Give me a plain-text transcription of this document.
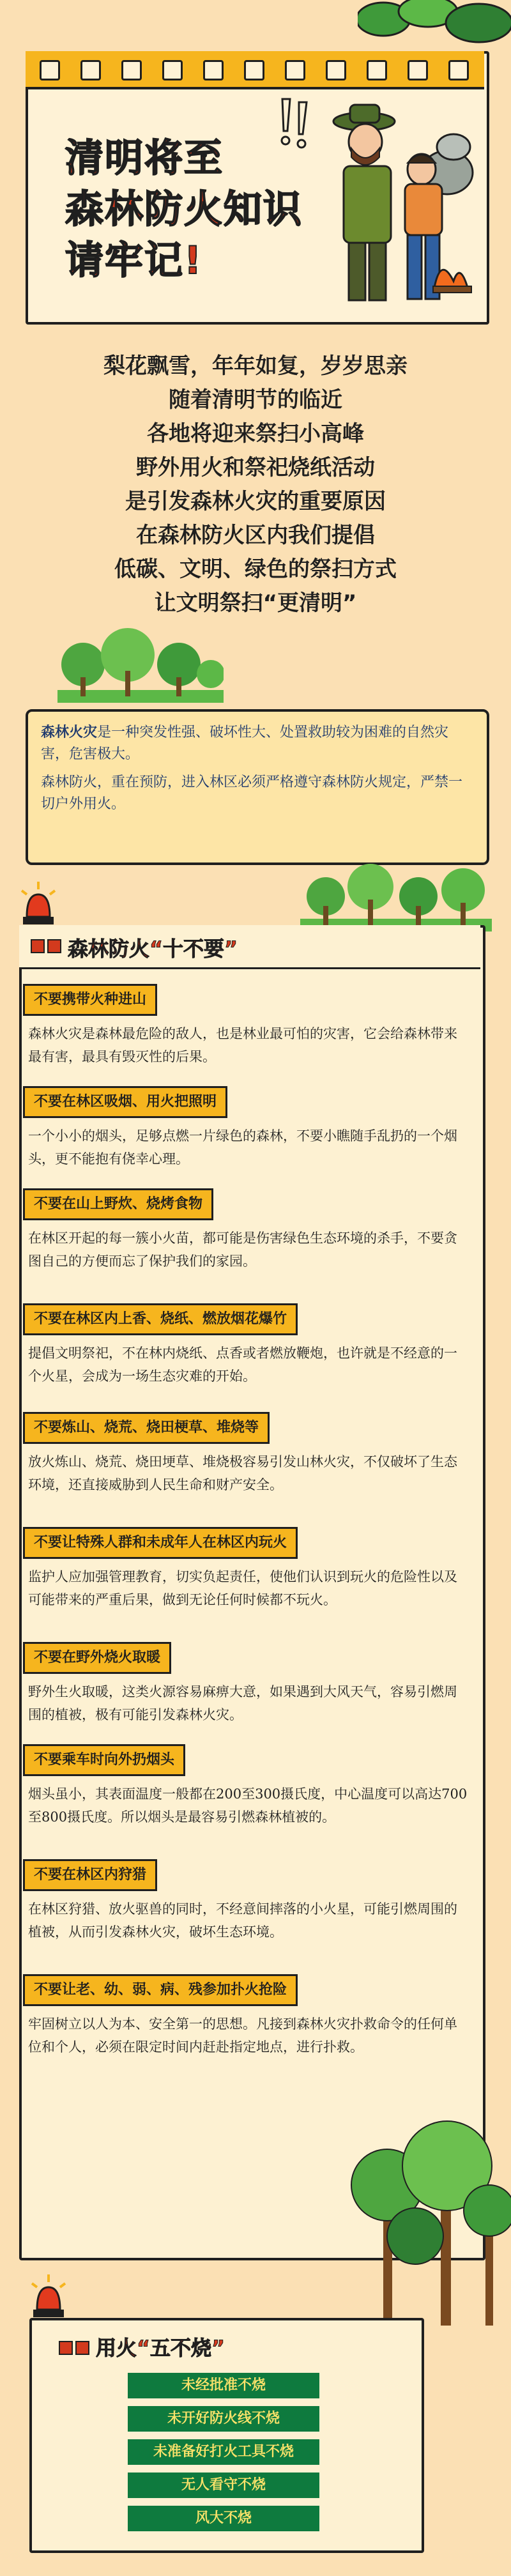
清明将至
森林防火知识
请牢记!
梨花飘雪，年年如复，岁岁思亲
随着清明节的临近
各地将迎来祭扫小高峰
野外用火和祭祀烧纸活动
是引发森林火灾的重要原因
在森林防火区内我们提倡
低碳、文明、绿色的祭扫方式
让文明祭扫“更清明”
森林火灾是一种突发性强、破坏性大、处置救助较为困难的自然灾害，危害极大。
森林防火，重在预防，进入林区必须严格遵守森林防火规定，严禁一切户外用火。
森林防火“十不要”
不要携带火种进山
森林火灾是森林最危险的敌人，也是林业最可怕的灾害，它会给森林带来最有害，最具有毁灭性的后果。
不要在林区吸烟、用火把照明
一个小小的烟头，足够点燃一片绿色的森林，不要小瞧随手乱扔的一个烟头，更不能抱有侥幸心理。
不要在山上野炊、烧烤食物
在林区开起的每一簇小火苗，都可能是伤害绿色生态环境的杀手，不要贪图自己的方便而忘了保护我们的家园。
不要在林区内上香、烧纸、燃放烟花爆竹
提倡文明祭祀，不在林内烧纸、点香或者燃放鞭炮，也许就是不经意的一个火星，会成为一场生态灾难的开始。
不要炼山、烧荒、烧田梗草、堆烧等
放火炼山、烧荒、烧田埂草、堆烧极容易引发山林火灾，不仅破坏了生态环境，还直接威胁到人民生命和财产安全。
不要让特殊人群和未成年人在林区内玩火
监护人应加强管理教育，切实负起责任，使他们认识到玩火的危险性以及可能带来的严重后果，做到无论任何时候都不玩火。
不要在野外烧火取暖
野外生火取暖，这类火源容易麻痹大意，如果遇到大风天气，容易引燃周围的植被，极有可能引发森林火灾。
不要乘车时向外扔烟头
烟头虽小，其表面温度一般都在200至300摄氏度，中心温度可以高达700至800摄氏度。所以烟头是最容易引燃森林植被的。
不要在林区内狩猎
在林区狩猎、放火驱兽的同时，不经意间摔落的小火星，可能引燃周围的植被，从而引发森林火灾，破坏生态环境。
不要让老、幼、弱、病、残参加扑火抢险
牢固树立以人为本、安全第一的思想。凡接到森林火灾扑救命令的任何单位和个人，必须在限定时间内赶赴指定地点，进行扑救。
用火“五不烧”
未经批准不烧
未开好防火线不烧
未准备好打火工具不烧
无人看守不烧
风大不烧
